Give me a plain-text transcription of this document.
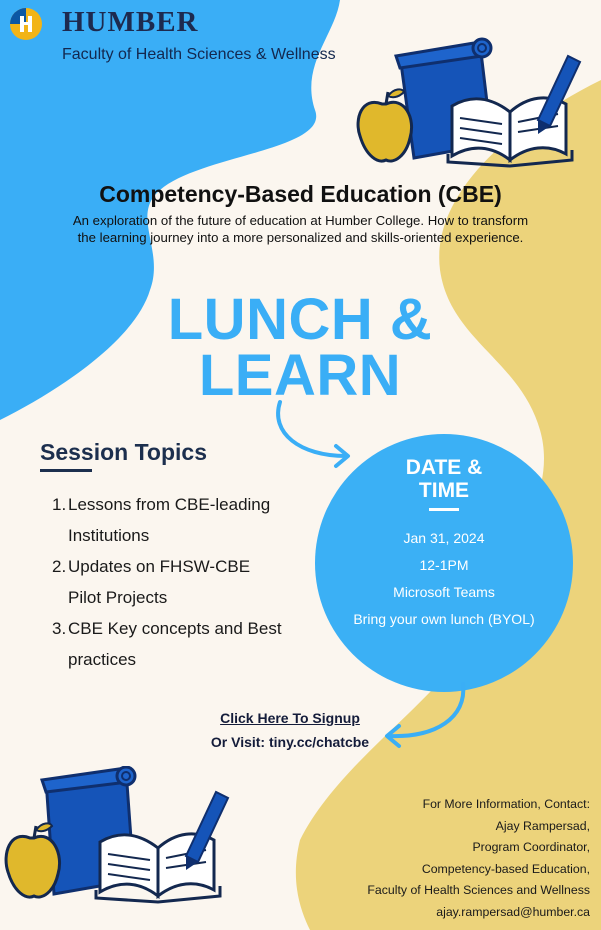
HUMBER
Faculty of Health Sciences & Wellness
Competency-Based Education (CBE)
An exploration of the future of education at Humber College. How to transform the learning journey into a more personalized and skills-oriented experience.
LUNCH &
LEARN
Session Topics
1. Lessons from CBE-leading Institutions
2. Updates on FHSW-CBE Pilot Projects
3. CBE Key concepts and Best practices
DATE &
TIME
Jan 31, 2024
12-1PM
Microsoft Teams
Bring your own lunch (BYOL)
Click Here To Signup
Or Visit: tiny.cc/chatcbe
For More Information, Contact:
Ajay Rampersad,
Program Coordinator,
Competency-based Education,
Faculty of Health Sciences and Wellness
ajay.rampersad@humber.ca
